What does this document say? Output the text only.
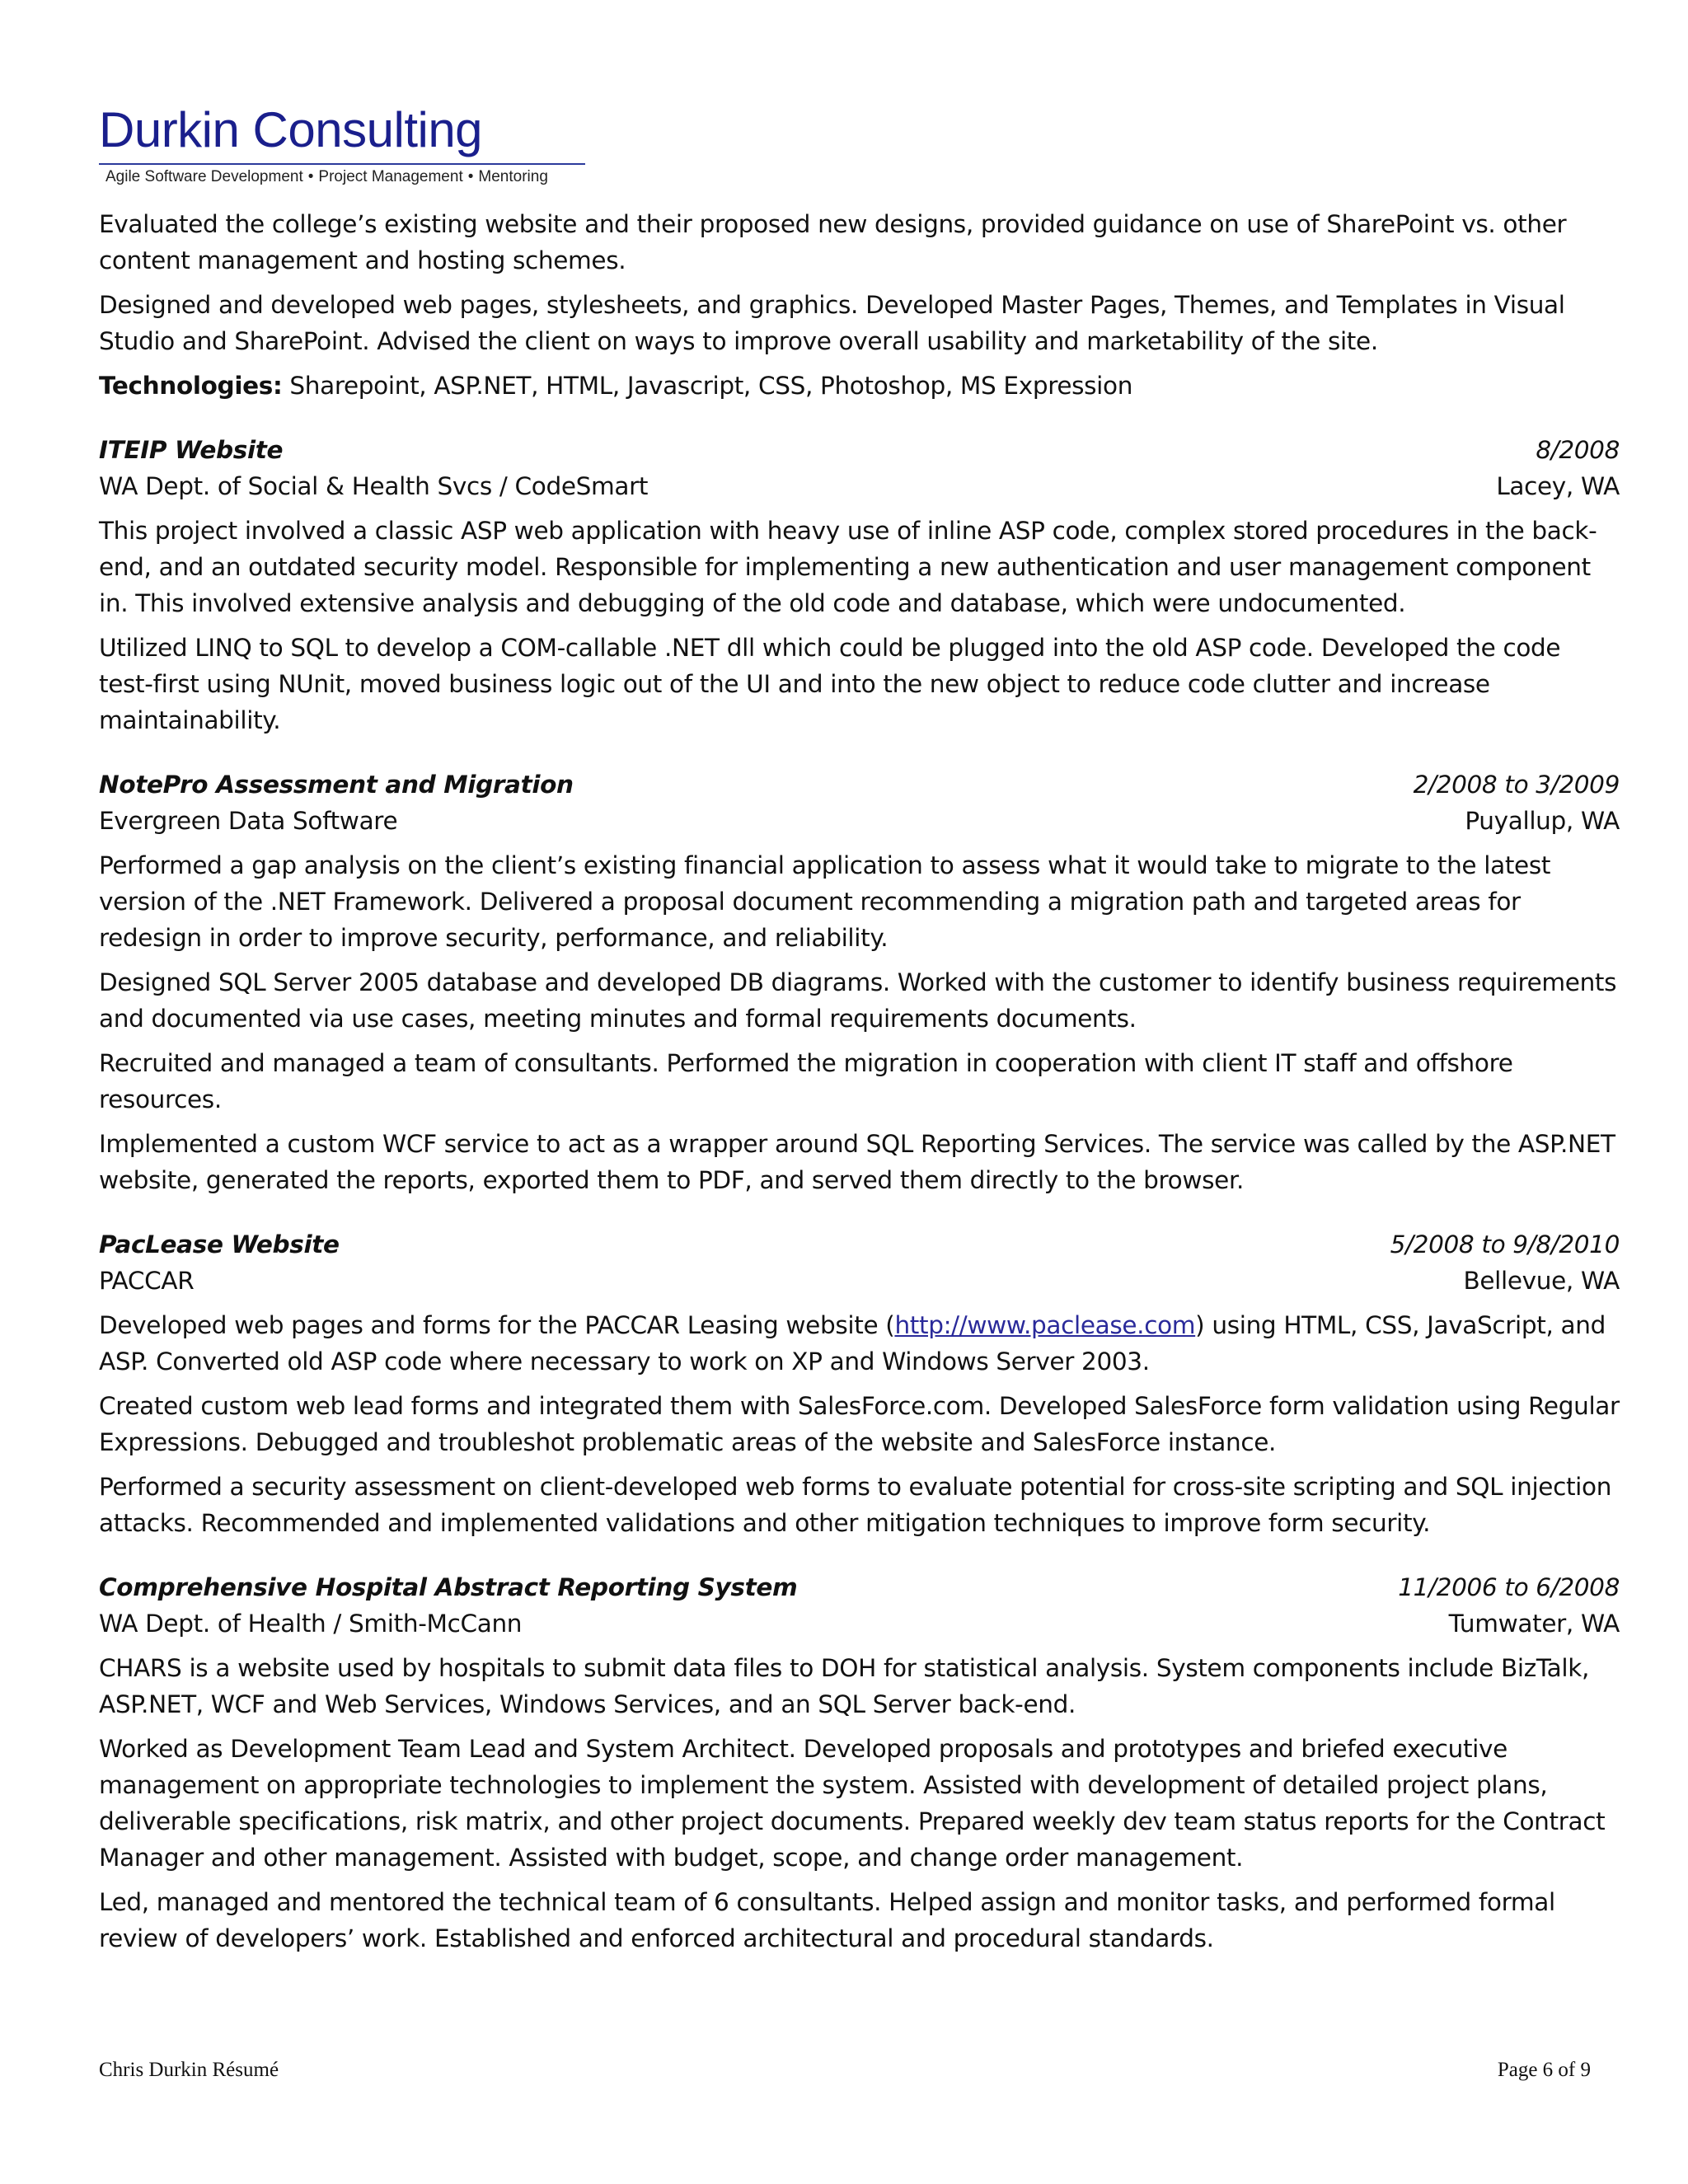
Durkin Consulting
Agile Software Development • Project Management • Mentoring

Evaluated the college’s existing website and their proposed new designs, provided guidance on use of SharePoint vs. other content management and hosting schemes.

Designed and developed web pages, stylesheets, and graphics. Developed Master Pages, Themes, and Templates in Visual Studio and SharePoint. Advised the client on ways to improve overall usability and marketability of the site.

Technologies: Sharepoint, ASP.NET, HTML, Javascript, CSS, Photoshop, MS Expression

ITEIP Website	8/2008
WA Dept. of Social & Health Svcs / CodeSmart	Lacey, WA

This project involved a classic ASP web application with heavy use of inline ASP code, complex stored procedures in the back-end, and an outdated security model. Responsible for implementing a new authentication and user management component in. This involved extensive analysis and debugging of the old code and database, which were undocumented.

Utilized LINQ to SQL to develop a COM-callable .NET dll which could be plugged into the old ASP code. Developed the code test-first using NUnit, moved business logic out of the UI and into the new object to reduce code clutter and increase maintainability.

NotePro Assessment and Migration	2/2008 to 3/2009
Evergreen Data Software	Puyallup, WA

Performed a gap analysis on the client’s existing financial application to assess what it would take to migrate to the latest version of the .NET Framework. Delivered a proposal document recommending a migration path and targeted areas for redesign in order to improve security, performance, and reliability.

Designed SQL Server 2005 database and developed DB diagrams. Worked with the customer to identify business requirements and documented via use cases, meeting minutes and formal requirements documents.

Recruited and managed a team of consultants. Performed the migration in cooperation with client IT staff and offshore resources.

Implemented a custom WCF service to act as a wrapper around SQL Reporting Services. The service was called by the ASP.NET website, generated the reports, exported them to PDF, and served them directly to the browser.

PacLease Website	5/2008 to 9/8/2010
PACCAR	Bellevue, WA

Developed web pages and forms for the PACCAR Leasing website (http://www.paclease.com) using HTML, CSS, JavaScript, and ASP. Converted old ASP code where necessary to work on XP and Windows Server 2003.

Created custom web lead forms and integrated them with SalesForce.com. Developed SalesForce form validation using Regular Expressions. Debugged and troubleshot problematic areas of the website and SalesForce instance.

Performed a security assessment on client-developed web forms to evaluate potential for cross-site scripting and SQL injection attacks. Recommended and implemented validations and other mitigation techniques to improve form security.

Comprehensive Hospital Abstract Reporting System	11/2006 to 6/2008
WA Dept. of Health / Smith-McCann	Tumwater, WA

CHARS is a website used by hospitals to submit data files to DOH for statistical analysis. System components include BizTalk, ASP.NET, WCF and Web Services, Windows Services, and an SQL Server back-end.

Worked as Development Team Lead and System Architect. Developed proposals and prototypes and briefed executive management on appropriate technologies to implement the system. Assisted with development of detailed project plans, deliverable specifications, risk matrix, and other project documents. Prepared weekly dev team status reports for the Contract Manager and other management. Assisted with budget, scope, and change order management.

Led, managed and mentored the technical team of 6 consultants. Helped assign and monitor tasks, and performed formal review of developers’ work. Established and enforced architectural and procedural standards.

Chris Durkin Résumé	Page 6 of 9
